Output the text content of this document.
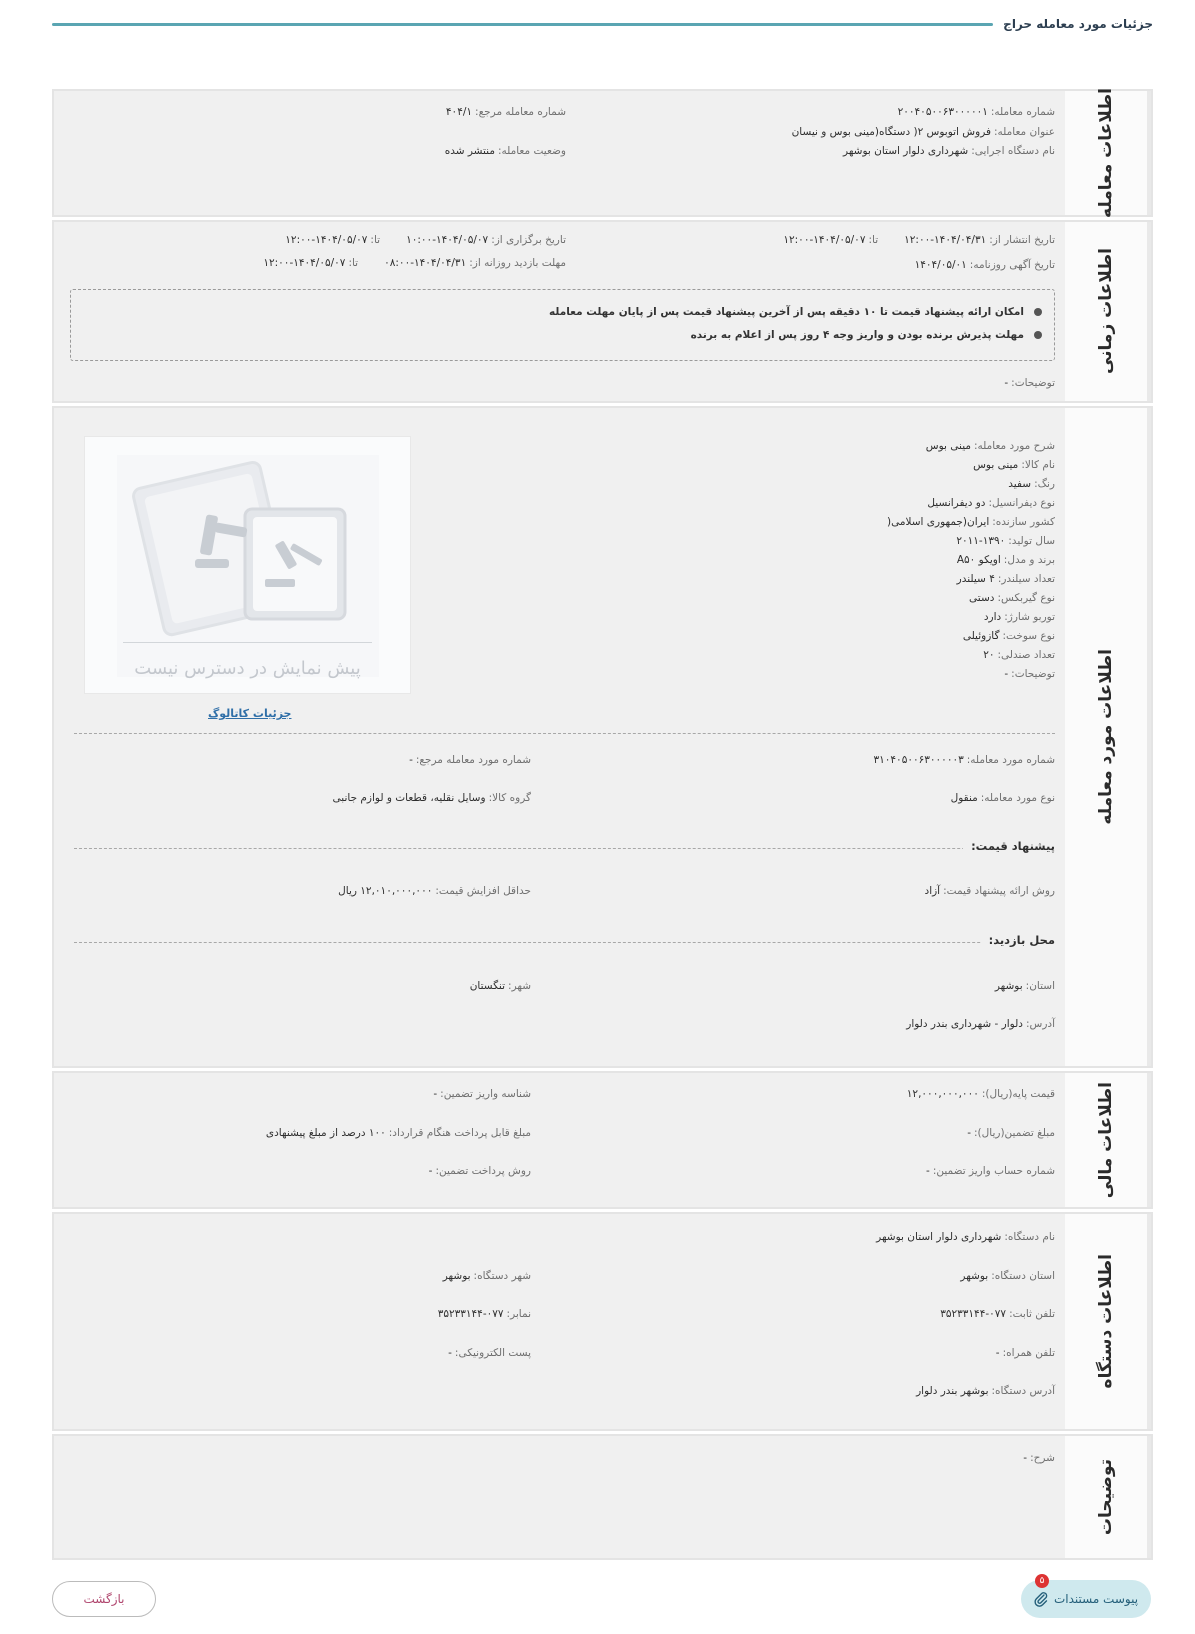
جزئیات مورد معامله حراج
اطلاعات معامله
شماره معامله:۲۰۰۴۰۵۰۰۶۳۰۰۰۰۰۱
عنوان معامله:فروش اتوبوس ۲( دستگاه(مینی بوس و نیسان
نام دستگاه اجرایی:شهرداری دلوار استان بوشهر
شماره معامله مرجع:۴۰۴/۱
وضعیت معامله:منتشر شده
اطلاعات زمانی
تاریخ انتشار از:۱۴۰۴/۰۴/۳۱-۱۲:۰۰تا:۱۴۰۴/۰۵/۰۷-۱۲:۰۰
تاریخ آگهی روزنامه:۱۴۰۴/۰۵/۰۱
تاریخ برگزاری از:۱۴۰۴/۰۵/۰۷-۱۰:۰۰تا:۱۴۰۴/۰۵/۰۷-۱۲:۰۰
مهلت بازدید روزانه از:۱۴۰۴/۰۴/۳۱-۰۸:۰۰تا:۱۴۰۴/۰۵/۰۷-۱۲:۰۰
امکان ارائه پیشنهاد قیمت تا ۱۰ دقیقه پس از آخرین پیشنهاد قیمت پس از پایان مهلت معامله
مهلت پذیرش برنده بودن و واریز وجه ۴ روز پس از اعلام به برنده
توضیحات:-
اطلاعات مورد معامله
شرح مورد معامله:مینی بوس
نام کالا:مینی بوس
رنگ:سفید
نوع دیفرانسیل:دو دیفرانسیل
کشور سازنده:ایران(جمهوری اسلامی(
سال تولید:۱۳۹۰-۲۰۱۱
برند و مدل:اویکو A۵۰
تعداد سیلندر:۴ سیلندر
نوع گیربکس:دستی
توربو شارژ:دارد
نوع سوخت:گازوئیلی
تعداد صندلی:۲۰
توضیحات:-
پیش نمایش در دسترس نیست
جزئیات کاتالوگ
شماره مورد معامله:۳۱۰۴۰۵۰۰۶۳۰۰۰۰۰۳
شماره مورد معامله مرجع:-
نوع مورد معامله:منقول
گروه کالا:وسایل نقلیه، قطعات و لوازم جانبی
پیشنهاد قیمت:
روش ارائه پیشنهاد قیمت:آزاد
حداقل افزایش قیمت:۱۲,۰۱۰,۰۰۰,۰۰۰ ریال
محل بازدید:
استان:بوشهر
شهر:تنگستان
آدرس:دلوار - شهرداری بندر دلوار
اطلاعات مالی
قیمت پایه(ریال):۱۲,۰۰۰,۰۰۰,۰۰۰
شناسه واریز تضمین:-
مبلغ تضمین(ریال):-
مبلغ قابل پرداخت هنگام قرارداد:۱۰۰ درصد از مبلغ پیشنهادی
شماره حساب واریز تضمین:-
روش پرداخت تضمین:-
اطلاعات دستگاه
نام دستگاه:شهرداری دلوار استان بوشهر
استان دستگاه:بوشهر
شهر دستگاه:بوشهر
تلفن ثابت:۰۷۷-۳۵۲۳۳۱۴۴
نمابر:۰۷۷-۳۵۲۳۳۱۴۴
تلفن همراه:-
پست الکترونیکی:-
آدرس دستگاه:بوشهر بندر دلوار
توضیحات
شرح:-
۵
پیوست مستندات
بازگشت
